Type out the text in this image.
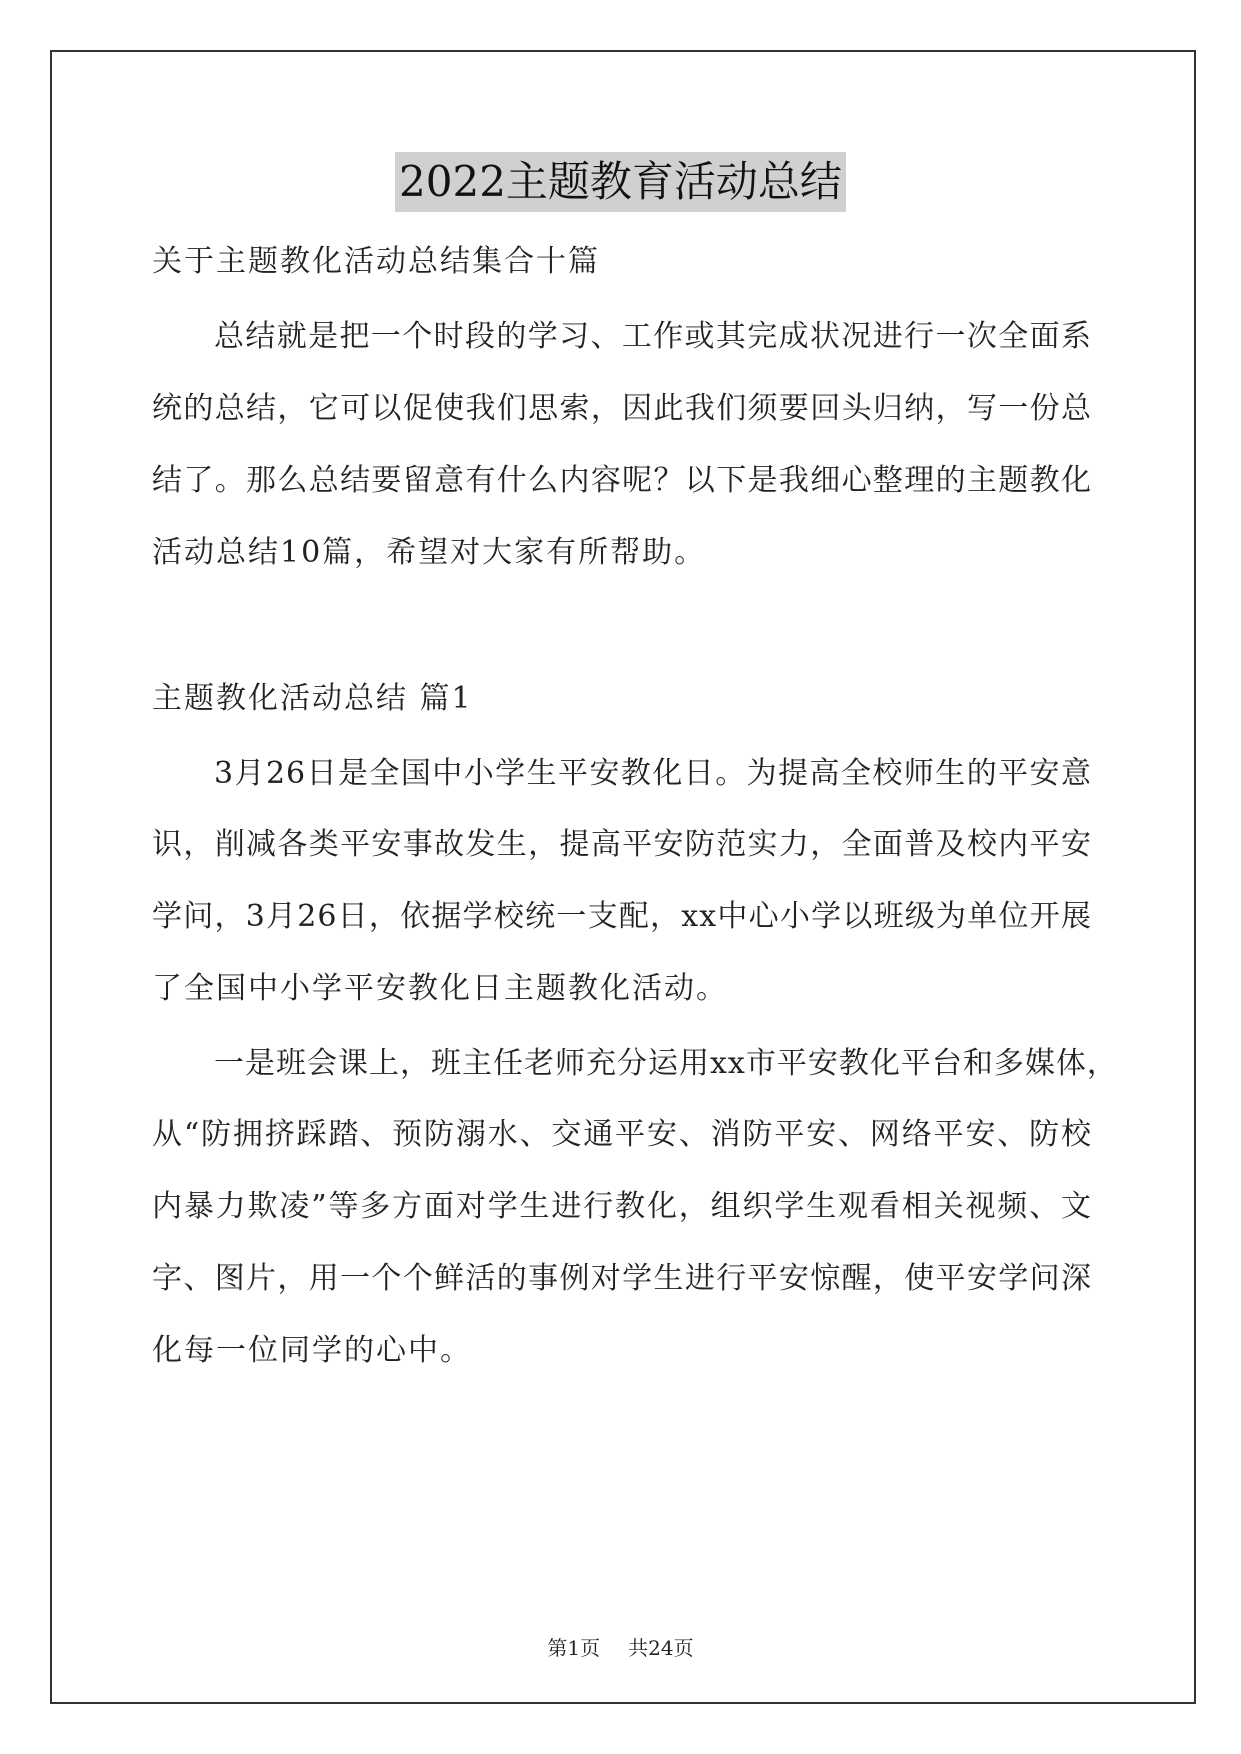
2022主题教育活动总结

关于主题教化活动总结集合十篇

总结就是把一个时段的学习、工作或其完成状况进行一次全面系

统的总结，它可以促使我们思索，因此我们须要回头归纳，写一份总

结了。那么总结要留意有什么内容呢？以下是我细心整理的主题教化

活动总结10篇，希望对大家有所帮助。

主题教化活动总结 篇1

3月26日是全国中小学生平安教化日。为提高全校师生的平安意

识，削减各类平安事故发生，提高平安防范实力，全面普及校内平安

学问，3月26日，依据学校统一支配，xx中心小学以班级为单位开展

了全国中小学平安教化日主题教化活动。

一是班会课上，班主任老师充分运用xx市平安教化平台和多媒体，

从“防拥挤踩踏、预防溺水、交通平安、消防平安、网络平安、防校

内暴力欺凌”等多方面对学生进行教化，组织学生观看相关视频、文

字、图片，用一个个鲜活的事例对学生进行平安惊醒，使平安学问深

化每一位同学的心中。

第1页 共24页
